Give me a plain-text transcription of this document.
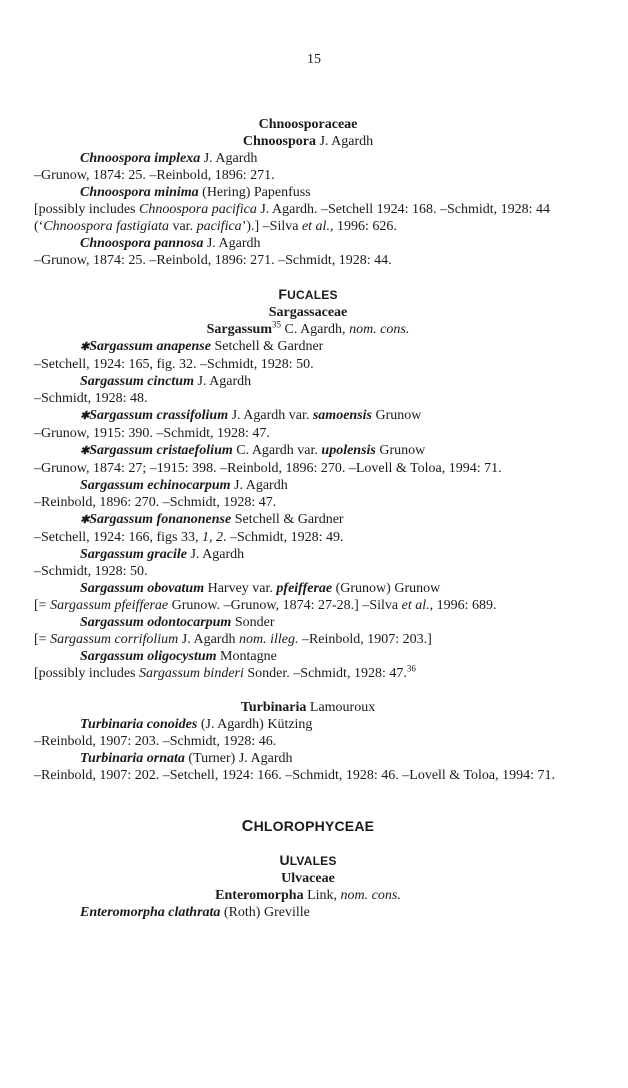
15
Chnoosporaceae
Chnoospora J. Agardh
Chnoospora implexa J. Agardh
–Grunow, 1874: 25. –Reinbold, 1896: 271.
Chnoospora minima (Hering) Papenfuss
[possibly includes Chnoospora pacifica J. Agardh. –Setchell 1924: 168. –Schmidt, 1928: 44 (‘Chnoospora fastigiata var. pacifica’).] –Silva et al., 1996: 626.
Chnoospora pannosa J. Agardh
–Grunow, 1874: 25. –Reinbold, 1896: 271. –Schmidt, 1928: 44.
FUCALES
Sargassaceae
Sargassum$^{35}$ C. Agardh, nom. cons.
✱Sargassum anapense Setchell & Gardner
–Setchell, 1924: 165, fig. 32. –Schmidt, 1928: 50.
Sargassum cinctum J. Agardh
–Schmidt, 1928: 48.
✱Sargassum crassifolium J. Agardh var. samoensis Grunow
–Grunow, 1915: 390. –Schmidt, 1928: 47.
✱Sargassum cristaefolium C. Agardh var. upolensis Grunow
–Grunow, 1874: 27; –1915: 398. –Reinbold, 1896: 270. –Lovell & Toloa, 1994: 71.
Sargassum echinocarpum J. Agardh
–Reinbold, 1896: 270. –Schmidt, 1928: 47.
✱Sargassum fonanonense Setchell & Gardner
–Setchell, 1924: 166, figs 33, 1, 2. –Schmidt, 1928: 49.
Sargassum gracile J. Agardh
–Schmidt, 1928: 50.
Sargassum obovatum Harvey var. pfeifferae (Grunow) Grunow
[= Sargassum pfeifferae Grunow. –Grunow, 1874: 27-28.] –Silva et al., 1996: 689.
Sargassum odontocarpum Sonder
[= Sargassum corrifolium J. Agardh nom. illeg. –Reinbold, 1907: 203.]
Sargassum oligocystum Montagne
[possibly includes Sargassum binderi Sonder. –Schmidt, 1928: 47.36
Turbinaria Lamouroux
Turbinaria conoides (J. Agardh) Kützing
–Reinbold, 1907: 203. –Schmidt, 1928: 46.
Turbinaria ornata (Turner) J. Agardh
–Reinbold, 1907: 202. –Setchell, 1924: 166. –Schmidt, 1928: 46. –Lovell & Toloa, 1994: 71.
CHLOROPHYCEAE
ULVALES
Ulvaceae
Enteromorpha Link, nom. cons.
Enteromorpha clathrata (Roth) Greville
